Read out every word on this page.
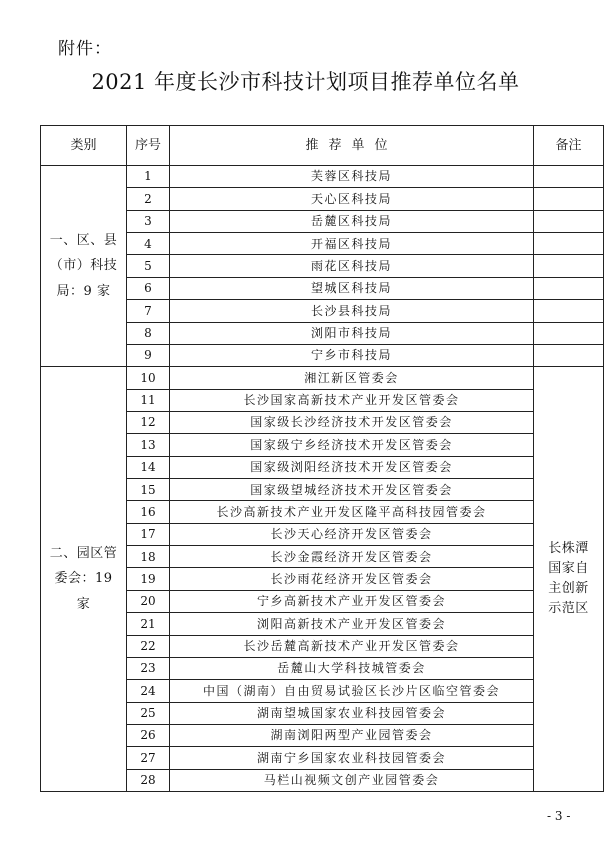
附件：
2021 年度长沙市科技计划项目推荐单位名单
类别	序号	推荐单位	备注
一、区、县（市）科技局：9 家	1	芙蓉区科技局	
	2	天心区科技局	
	3	岳麓区科技局	
	4	开福区科技局	
	5	雨花区科技局	
	6	望城区科技局	
	7	长沙县科技局	
	8	浏阳市科技局	
	9	宁乡市科技局	
二、园区管委会：19 家	10	湘江新区管委会	长株潭国家自主创新示范区
	11	长沙国家高新技术产业开发区管委会	
	12	国家级长沙经济技术开发区管委会	
	13	国家级宁乡经济技术开发区管委会	
	14	国家级浏阳经济技术开发区管委会	
	15	国家级望城经济技术开发区管委会	
	16	长沙高新技术产业开发区隆平高科技园管委会	
	17	长沙天心经济开发区管委会	
	18	长沙金霞经济开发区管委会	
	19	长沙雨花经济开发区管委会	
	20	宁乡高新技术产业开发区管委会	
	21	浏阳高新技术产业开发区管委会	
	22	长沙岳麓高新技术产业开发区管委会	
	23	岳麓山大学科技城管委会	
	24	中国（湖南）自由贸易试验区长沙片区临空管委会	
	25	湖南望城国家农业科技园管委会	
	26	湖南浏阳两型产业园管委会	
	27	湖南宁乡国家农业科技园管委会	
	28	马栏山视频文创产业园管委会	
- 3 -
